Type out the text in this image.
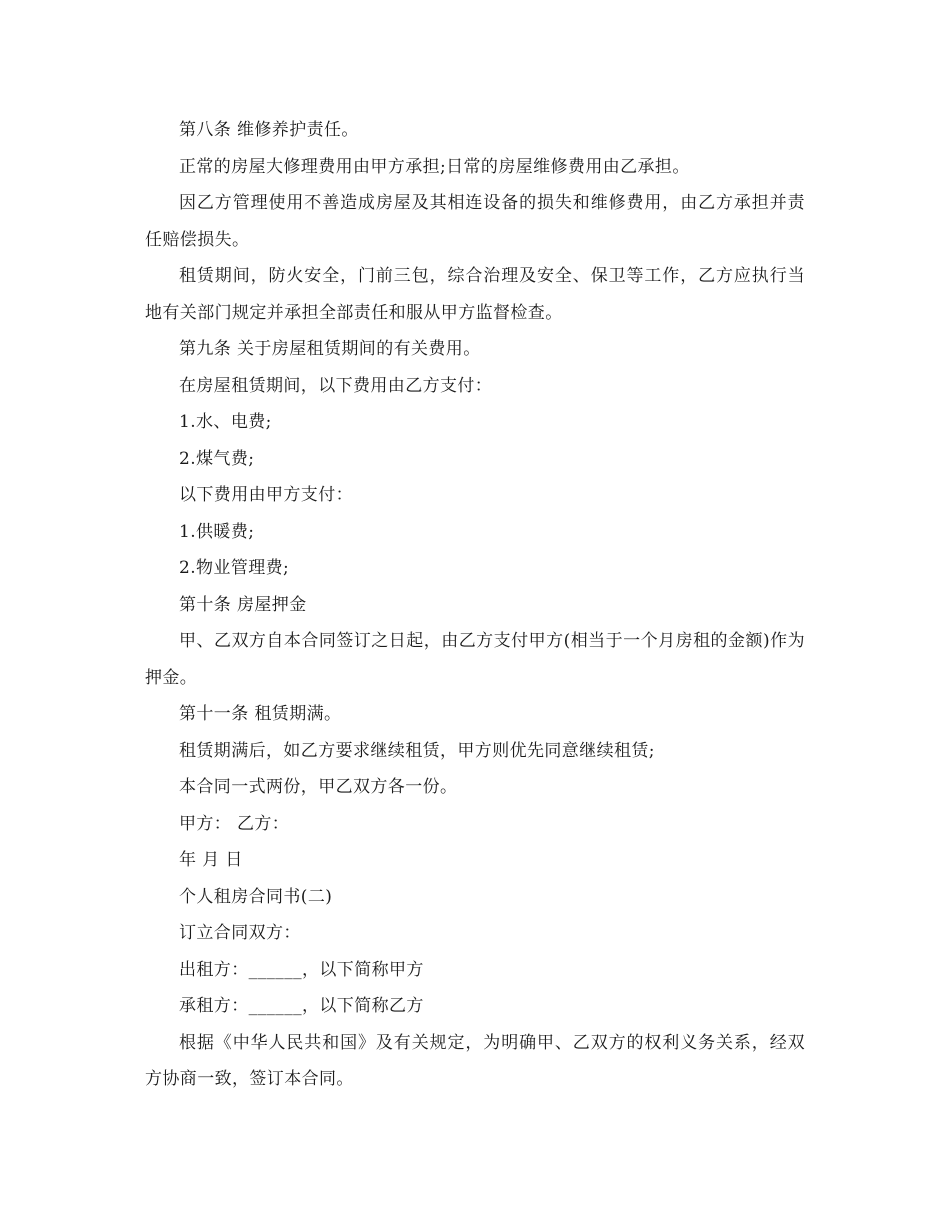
第八条 维修养护责任。

正常的房屋大修理费用由甲方承担;日常的房屋维修费用由乙承担。

因乙方管理使用不善造成房屋及其相连设备的损失和维修费用，由乙方承担并责任赔偿损失。

租赁期间，防火安全，门前三包，综合治理及安全、保卫等工作，乙方应执行当地有关部门规定并承担全部责任和服从甲方监督检查。

第九条 关于房屋租赁期间的有关费用。

在房屋租赁期间，以下费用由乙方支付：

1.水、电费;

2.煤气费;

以下费用由甲方支付：

1.供暖费;

2.物业管理费;

第十条 房屋押金

甲、乙双方自本合同签订之日起，由乙方支付甲方(相当于一个月房租的金额)作为押金。

第十一条 租赁期满。

租赁期满后，如乙方要求继续租赁，甲方则优先同意继续租赁;

本合同一式两份，甲乙双方各一份。

甲方： 乙方：

年 月 日

个人租房合同书(二)

订立合同双方：

出租方：______，以下简称甲方

承租方：______，以下简称乙方

根据《中华人民共和国》及有关规定，为明确甲、乙双方的权利义务关系，经双方协商一致，签订本合同。
